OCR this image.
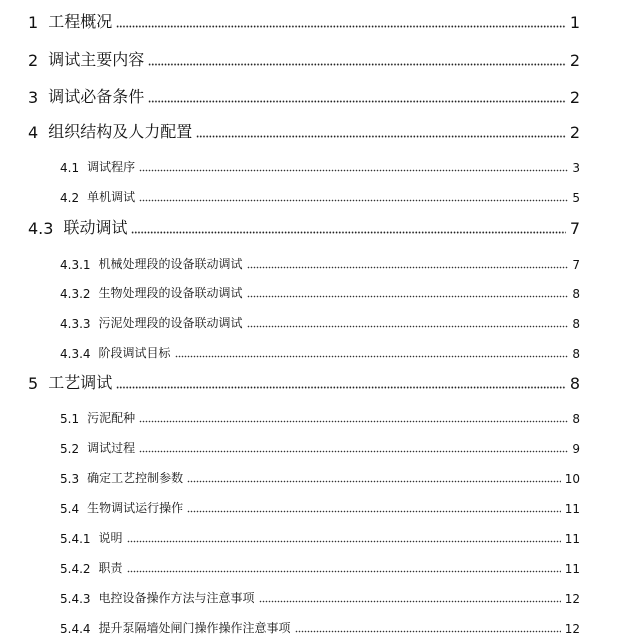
1 工程概况	1
2 调试主要内容	2
3 调试必备条件	2
4 组织结构及人力配置	2
4.1 调试程序	3
4.2 单机调试	5
4.3 联动调试	7
4.3.1 机械处理段的设备联动调试	7
4.3.2 生物处理段的设备联动调试	8
4.3.3 污泥处理段的设备联动调试	8
4.3.4 阶段调试目标	8
5 工艺调试	8
5.1 污泥配种	8
5.2 调试过程	9
5.3 确定工艺控制参数	10
5.4 生物调试运行操作	11
5.4.1 说明	11
5.4.2 职责	11
5.4.3 电控设备操作方法与注意事项	12
5.4.4 提升泵隔墙处闸门操作操作注意事项	12
